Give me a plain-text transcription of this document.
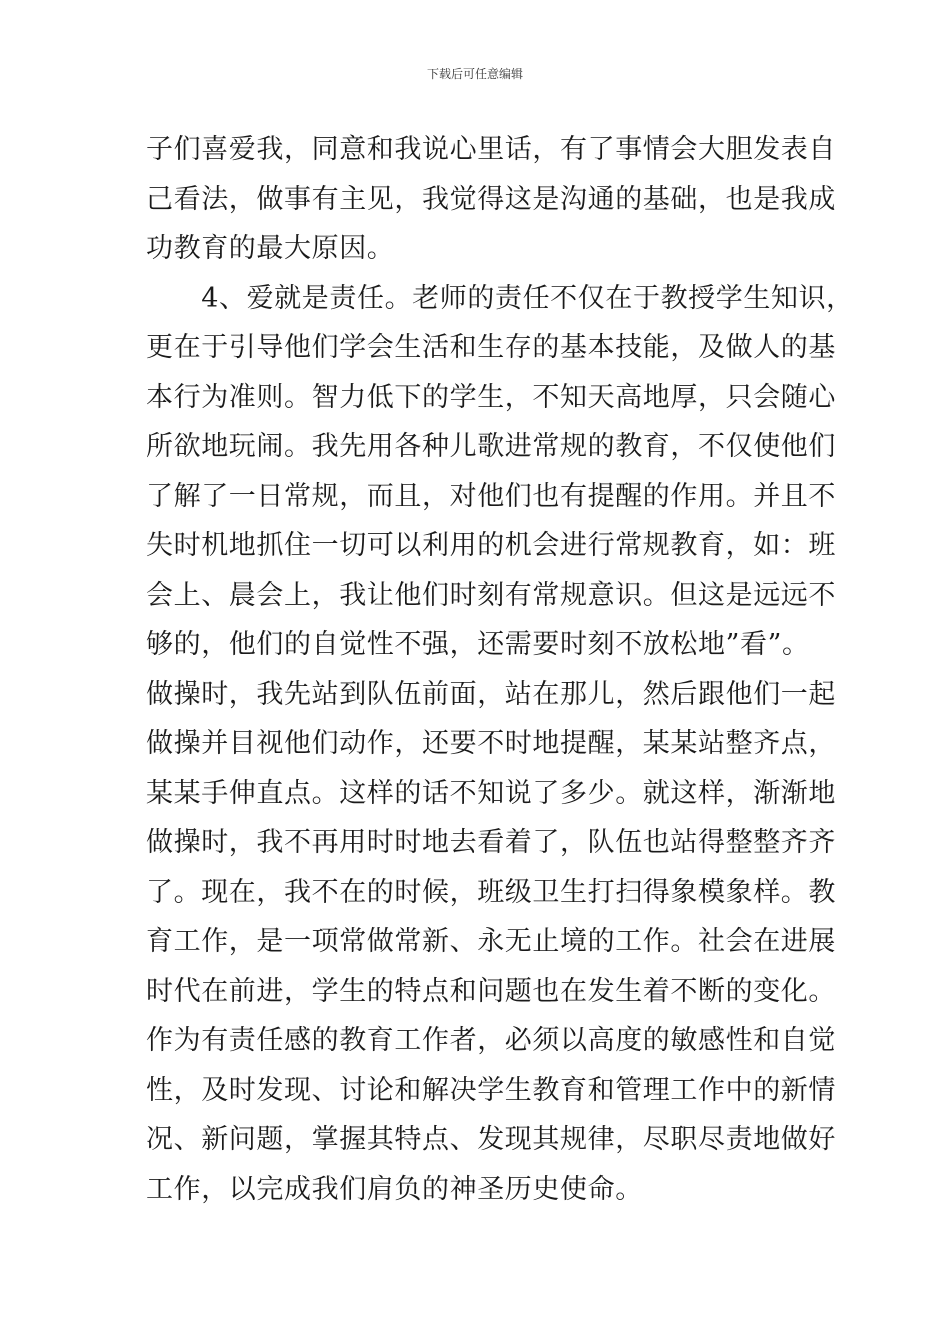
下载后可任意编辑
子们喜爱我，同意和我说心里话，有了事情会大胆发表自
己看法，做事有主见，我觉得这是沟通的基础，也是我成
功教育的最大原因。
　　4、爱就是责任。老师的责任不仅在于教授学生知识，
更在于引导他们学会生活和生存的基本技能，及做人的基
本行为准则。智力低下的学生，不知天高地厚，只会随心
所欲地玩闹。我先用各种儿歌进常规的教育，不仅使他们
了解了一日常规，而且，对他们也有提醒的作用。并且不
失时机地抓住一切可以利用的机会进行常规教育，如：班
会上、晨会上，我让他们时刻有常规意识。但这是远远不
够的，他们的自觉性不强，还需要时刻不放松地”看”。
做操时，我先站到队伍前面，站在那儿，然后跟他们一起
做操并目视他们动作，还要不时地提醒，某某站整齐点，
某某手伸直点。这样的话不知说了多少。就这样，渐渐地
做操时，我不再用时时地去看着了，队伍也站得整整齐齐
了。现在，我不在的时候，班级卫生打扫得象模象样。教
育工作，是一项常做常新、永无止境的工作。社会在进展
时代在前进，学生的特点和问题也在发生着不断的变化。
作为有责任感的教育工作者，必须以高度的敏感性和自觉
性，及时发现、讨论和解决学生教育和管理工作中的新情
况、新问题，掌握其特点、发现其规律，尽职尽责地做好
工作，以完成我们肩负的神圣历史使命。
